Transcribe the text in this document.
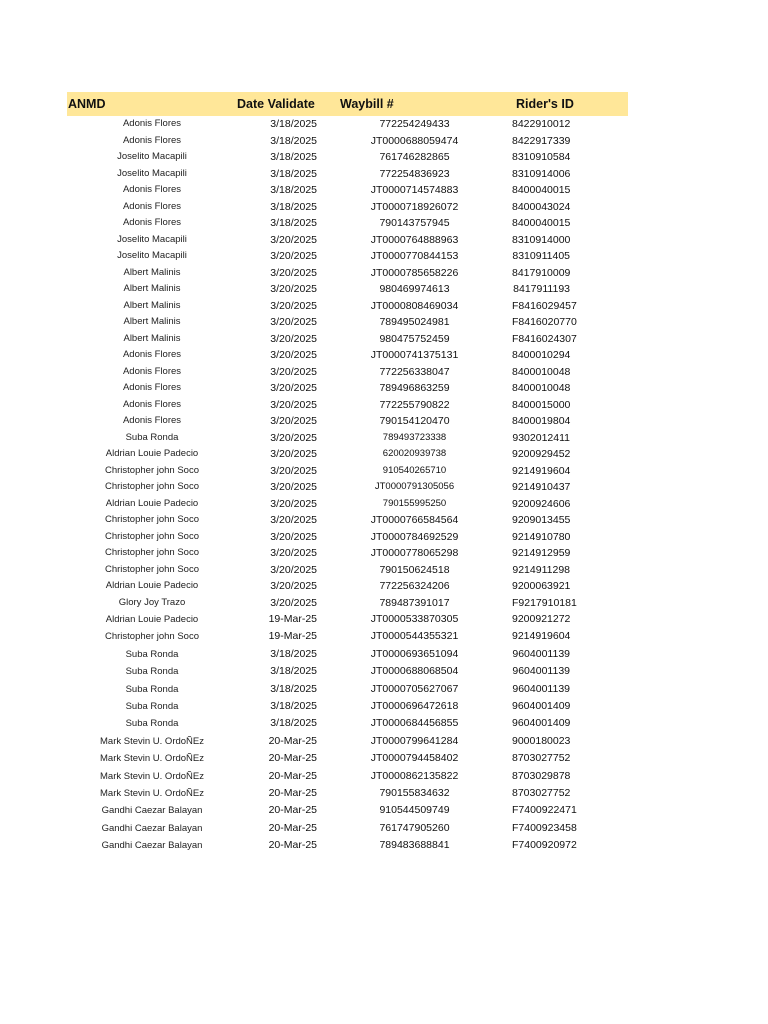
ANMD	Date Validate	Waybill #	Rider's ID
Adonis Flores	3/18/2025	772254249433	8422910012
Adonis Flores	3/18/2025	JT0000688059474	8422917339
Joselito Macapili	3/18/2025	761746282865	8310910584
Joselito Macapili	3/18/2025	772254836923	8310914006
Adonis Flores	3/18/2025	JT0000714574883	8400040015
Adonis Flores	3/18/2025	JT0000718926072	8400043024
Adonis Flores	3/18/2025	790143757945	8400040015
Joselito Macapili	3/20/2025	JT0000764888963	8310914000
Joselito Macapili	3/20/2025	JT0000770844153	8310911405
Albert Malinis	3/20/2025	JT0000785658226	8417910009
Albert Malinis	3/20/2025	980469974613	8417911193
Albert Malinis	3/20/2025	JT0000808469034	F8416029457
Albert Malinis	3/20/2025	789495024981	F8416020770
Albert Malinis	3/20/2025	980475752459	F8416024307
Adonis Flores	3/20/2025	JT0000741375131	8400010294
Adonis Flores	3/20/2025	772256338047	8400010048
Adonis Flores	3/20/2025	789496863259	8400010048
Adonis Flores	3/20/2025	772255790822	8400015000
Adonis Flores	3/20/2025	790154120470	8400019804
Suba Ronda	3/20/2025	789493723338	9302012411
Aldrian Louie Padecio	3/20/2025	620020939738	9200929452
Christopher john Soco	3/20/2025	910540265710	9214919604
Christopher john Soco	3/20/2025	JT0000791305056	9214910437
Aldrian Louie Padecio	3/20/2025	790155995250	9200924606
Christopher john Soco	3/20/2025	JT0000766584564	9209013455
Christopher john Soco	3/20/2025	JT0000784692529	9214910780
Christopher john Soco	3/20/2025	JT0000778065298	9214912959
Christopher john Soco	3/20/2025	790150624518	9214911298
Aldrian Louie Padecio	3/20/2025	772256324206	9200063921
Glory Joy Trazo	3/20/2025	789487391017	F9217910181
Aldrian Louie Padecio	19-Mar-25	JT0000533870305	9200921272
Christopher john Soco	19-Mar-25	JT0000544355321	9214919604
Suba Ronda	3/18/2025	JT0000693651094	9604001139
Suba Ronda	3/18/2025	JT0000688068504	9604001139
Suba Ronda	3/18/2025	JT0000705627067	9604001139
Suba Ronda	3/18/2025	JT0000696472618	9604001409
Suba Ronda	3/18/2025	JT0000684456855	9604001409
Mark Stevin U. OrdoÑEz	20-Mar-25	JT0000799641284	9000180023
Mark Stevin U. OrdoÑEz	20-Mar-25	JT0000794458402	8703027752
Mark Stevin U. OrdoÑEz	20-Mar-25	JT0000862135822	8703029878
Mark Stevin U. OrdoÑEz	20-Mar-25	790155834632	8703027752
Gandhi Caezar Balayan	20-Mar-25	910544509749	F7400922471
Gandhi Caezar Balayan	20-Mar-25	761747905260	F7400923458
Gandhi Caezar Balayan	20-Mar-25	789483688841	F7400920972
